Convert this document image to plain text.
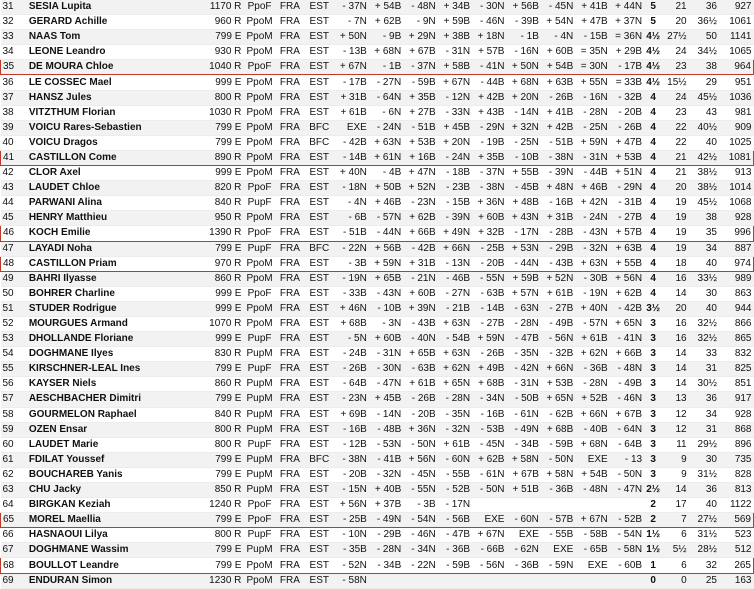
31	SESIA Lupita	1170 R	PpoF	FRA	EST	- 37N	+ 54B	- 48N	+ 34B	- 30N	+ 56B	- 45N	+ 41B	+ 44N	5	21	36	927
32	GERARD Achille	960 R	PpoM	FRA	EST	- 7N	+ 62B	- 9N	+ 59B	- 46N	- 39B	+ 54N	+ 47B	+ 37N	5	20	36½	1061
33	NAAS Tom	799 E	PpoM	FRA	EST	+ 50N	- 9B	+ 29N	+ 38B	+ 18N	- 1B	- 4N	- 15B	= 36N	4½	27½	50	1141
34	LEONE Leandro	930 R	PpoM	FRA	EST	- 13B	+ 68N	+ 67B	- 31N	+ 57B	- 16N	+ 60B	= 35N	+ 29B	4½	24	34½	1065
35	DE MOURA Chloe	1040 R	PpoF	FRA	EST	+ 67N	- 1B	- 37N	+ 58B	- 41N	+ 50N	+ 54B	= 30N	- 17B	4½	23	38	964
36	LE COSSEC Mael	999 E	PpoM	FRA	EST	- 17B	- 27N	- 59B	+ 67N	- 44B	+ 68N	+ 63B	+ 55N	= 33B	4½	15½	29	951
37	HANSZ Jules	800 R	PpoM	FRA	EST	+ 31B	- 64N	+ 35B	- 12N	+ 42B	+ 20N	- 26B	- 16N	- 32B	4	24	45½	1036
38	VITZTHUM Florian	1030 R	PpoM	FRA	EST	+ 61B	- 6N	+ 27B	- 33N	+ 43B	- 14N	+ 41B	- 28N	- 20B	4	23	43	981
39	VOICU Rares-Sebastien	799 E	PpoM	FRA	BFC	EXE	- 24N	- 51B	+ 45B	- 29N	+ 32N	+ 42B	- 25N	- 26B	4	22	40½	909
40	VOICU Dragos	799 E	PpoM	FRA	BFC	- 42B	+ 63N	+ 53B	+ 20N	- 19B	- 25N	- 51B	+ 59N	+ 47B	4	22	40	1025
41	CASTILLON Come	890 R	PpoM	FRA	EST	- 14B	+ 61N	+ 16B	- 24N	+ 35B	- 10B	- 38N	- 31N	+ 53B	4	21	42½	1081
42	CLOR Axel	999 E	PpoM	FRA	EST	+ 40N	- 4B	+ 47N	- 18B	- 37N	+ 55B	- 39N	- 44B	+ 51N	4	21	38½	913
43	LAUDET Chloe	820 R	PpoF	FRA	EST	- 18N	+ 50B	+ 52N	- 23B	- 38N	- 45B	+ 48N	+ 46B	- 29N	4	20	38½	1014
44	PARWANI Alina	840 R	PupF	FRA	EST	- 4N	+ 46B	- 23N	- 15B	+ 36N	+ 48B	- 16B	+ 42N	- 31B	4	19	45½	1068
45	HENRY Matthieu	950 R	PpoM	FRA	EST	- 6B	- 57N	+ 62B	- 39N	+ 60B	+ 43N	+ 31B	- 24N	- 27B	4	19	38	928
46	KOCH Emilie	1390 R	PpoF	FRA	EST	- 51B	- 44N	+ 66B	+ 49N	+ 32B	- 17N	- 28B	- 43N	+ 57B	4	19	35	996
47	LAYADI Noha	799 E	PupF	FRA	BFC	- 22N	+ 56B	- 42B	+ 66N	- 25B	+ 53N	- 29B	- 32N	+ 63B	4	19	34	887
48	CASTILLON Priam	970 R	PpoM	FRA	EST	- 3B	+ 59N	+ 31B	- 13N	- 20B	- 44N	- 43B	+ 63N	+ 55B	4	18	40	974
49	BAHRI Ilyasse	860 R	PpoM	FRA	EST	- 19N	+ 65B	- 21N	- 46B	- 55N	+ 59B	+ 52N	- 30B	+ 56N	4	16	33½	989
50	BOHRER Charline	999 E	PpoF	FRA	EST	- 33B	- 43N	+ 60B	- 27N	- 63B	+ 57N	+ 61B	- 19N	+ 62B	4	14	30	863
51	STUDER Rodrigue	999 E	PpoM	FRA	EST	+ 46N	- 10B	+ 39N	- 21B	- 14B	- 63N	- 27B	+ 40N	- 42B	3½	20	40	944
52	MOURGUES Armand	1070 R	PpoM	FRA	EST	+ 68B	- 3N	- 43B	+ 63N	- 27B	- 28N	- 49B	- 57N	+ 65N	3	16	32½	866
53	DHOLLANDE Floriane	999 E	PupF	FRA	EST	- 5N	+ 60B	- 40N	- 54B	+ 59N	- 47B	- 56N	+ 61B	- 41N	3	16	32½	865
54	DOGHMANE Ilyes	830 R	PupM	FRA	EST	- 24B	- 31N	+ 65B	+ 63N	- 26B	- 35N	- 32B	+ 62N	+ 66B	3	14	33	832
55	KIRSCHNER-LEAL Ines	799 E	PupF	FRA	EST	- 26B	- 30N	- 63B	+ 62N	+ 49B	- 42N	+ 66N	- 36B	- 48N	3	14	31	825
56	KAYSER Niels	860 R	PupM	FRA	EST	- 64B	- 47N	+ 61B	+ 65N	+ 68B	- 31N	+ 53B	- 28N	- 49B	3	14	30½	851
57	AESCHBACHER Dimitri	799 E	PupM	FRA	EST	- 23N	+ 45B	- 26B	- 28N	- 34N	- 50B	+ 65N	+ 52B	- 46N	3	13	36	917
58	GOURMELON Raphael	840 R	PupM	FRA	EST	+ 69B	- 14N	- 20B	- 35N	- 16B	- 61N	- 62B	+ 66N	+ 67B	3	12	34	928
59	OZEN Ensar	800 R	PupM	FRA	EST	- 16B	- 48B	+ 36N	- 32N	- 53B	- 49N	+ 68B	- 40B	- 64N	3	12	31	868
60	LAUDET Marie	800 R	PupF	FRA	EST	- 12B	- 53N	- 50N	+ 61B	- 45N	- 34B	- 59B	+ 68N	- 64B	3	11	29½	896
61	FDILAT Youssef	799 E	PupM	FRA	BFC	- 38N	- 41B	+ 56N	- 60N	+ 62B	+ 58N	- 50N	EXE	- 13	3	9	30	735
62	BOUCHAREB Yanis	799 E	PupM	FRA	EST	- 20B	- 32N	- 45N	- 55B	- 61N	+ 67B	+ 58N	+ 54B	- 50N	3	9	31½	828
63	CHU Jacky	850 R	PupM	FRA	EST	- 15N	+ 40B	- 55N	- 52B	- 50N	+ 51B	- 36B	- 48N	- 47N	2½	14	36	813
64	BIRGKAN Keziah	1240 R	PpoF	FRA	EST	+ 56N	+ 37B	- 3B	- 17N						2	17	40	1122
65	MOREL Maellia	799 E	PpoF	FRA	EST	- 25B	- 49N	- 54N	- 56B	EXE	- 60N	- 57B	+ 67N	- 52B	2	7	27½	569
66	HASNAOUI Lilya	800 R	PupF	FRA	EST	- 10N	- 29B	- 46N	- 47B	+ 67N	EXE	- 55B	- 58B	- 54N	1½	6	31½	523
67	DOGHMANE Wassim	799 E	PupM	FRA	EST	- 35B	- 28N	- 34N	- 36B	- 66B	- 62N	EXE	- 65B	- 58N	1½	5½	28½	512
68	BOULLOT Leandre	799 E	PpoM	FRA	EST	- 52N	- 34B	- 22N	- 59B	- 56N	- 36B	- 59N	EXE	- 60B	1	6	32	265
69	ENDURAN Simon	1230 R	PpoM	FRA	EST	- 58N									0	0	25	163
